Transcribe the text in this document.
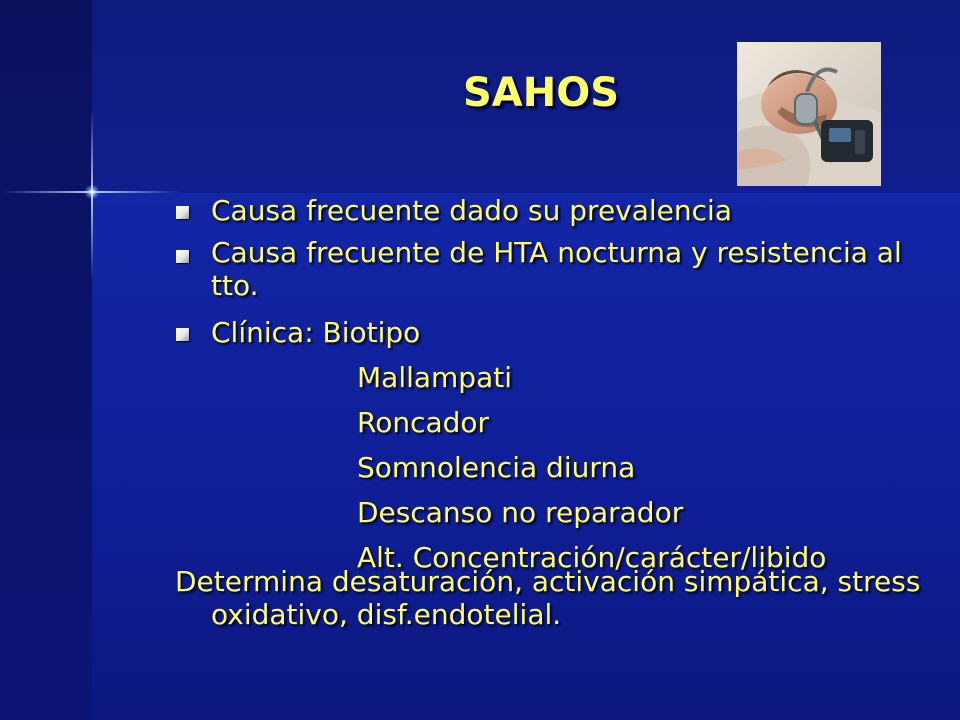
SAHOS
Causa frecuente dado su prevalencia
Causa frecuente de HTA nocturna y resistencia al tto.
Clínica: Biotipo
Mallampati
Roncador
Somnolencia diurna
Descanso no reparador
Alt. Concentración/carácter/libido
Determina desaturación, activación simpática, stress oxidativo, disf.endotelial.
